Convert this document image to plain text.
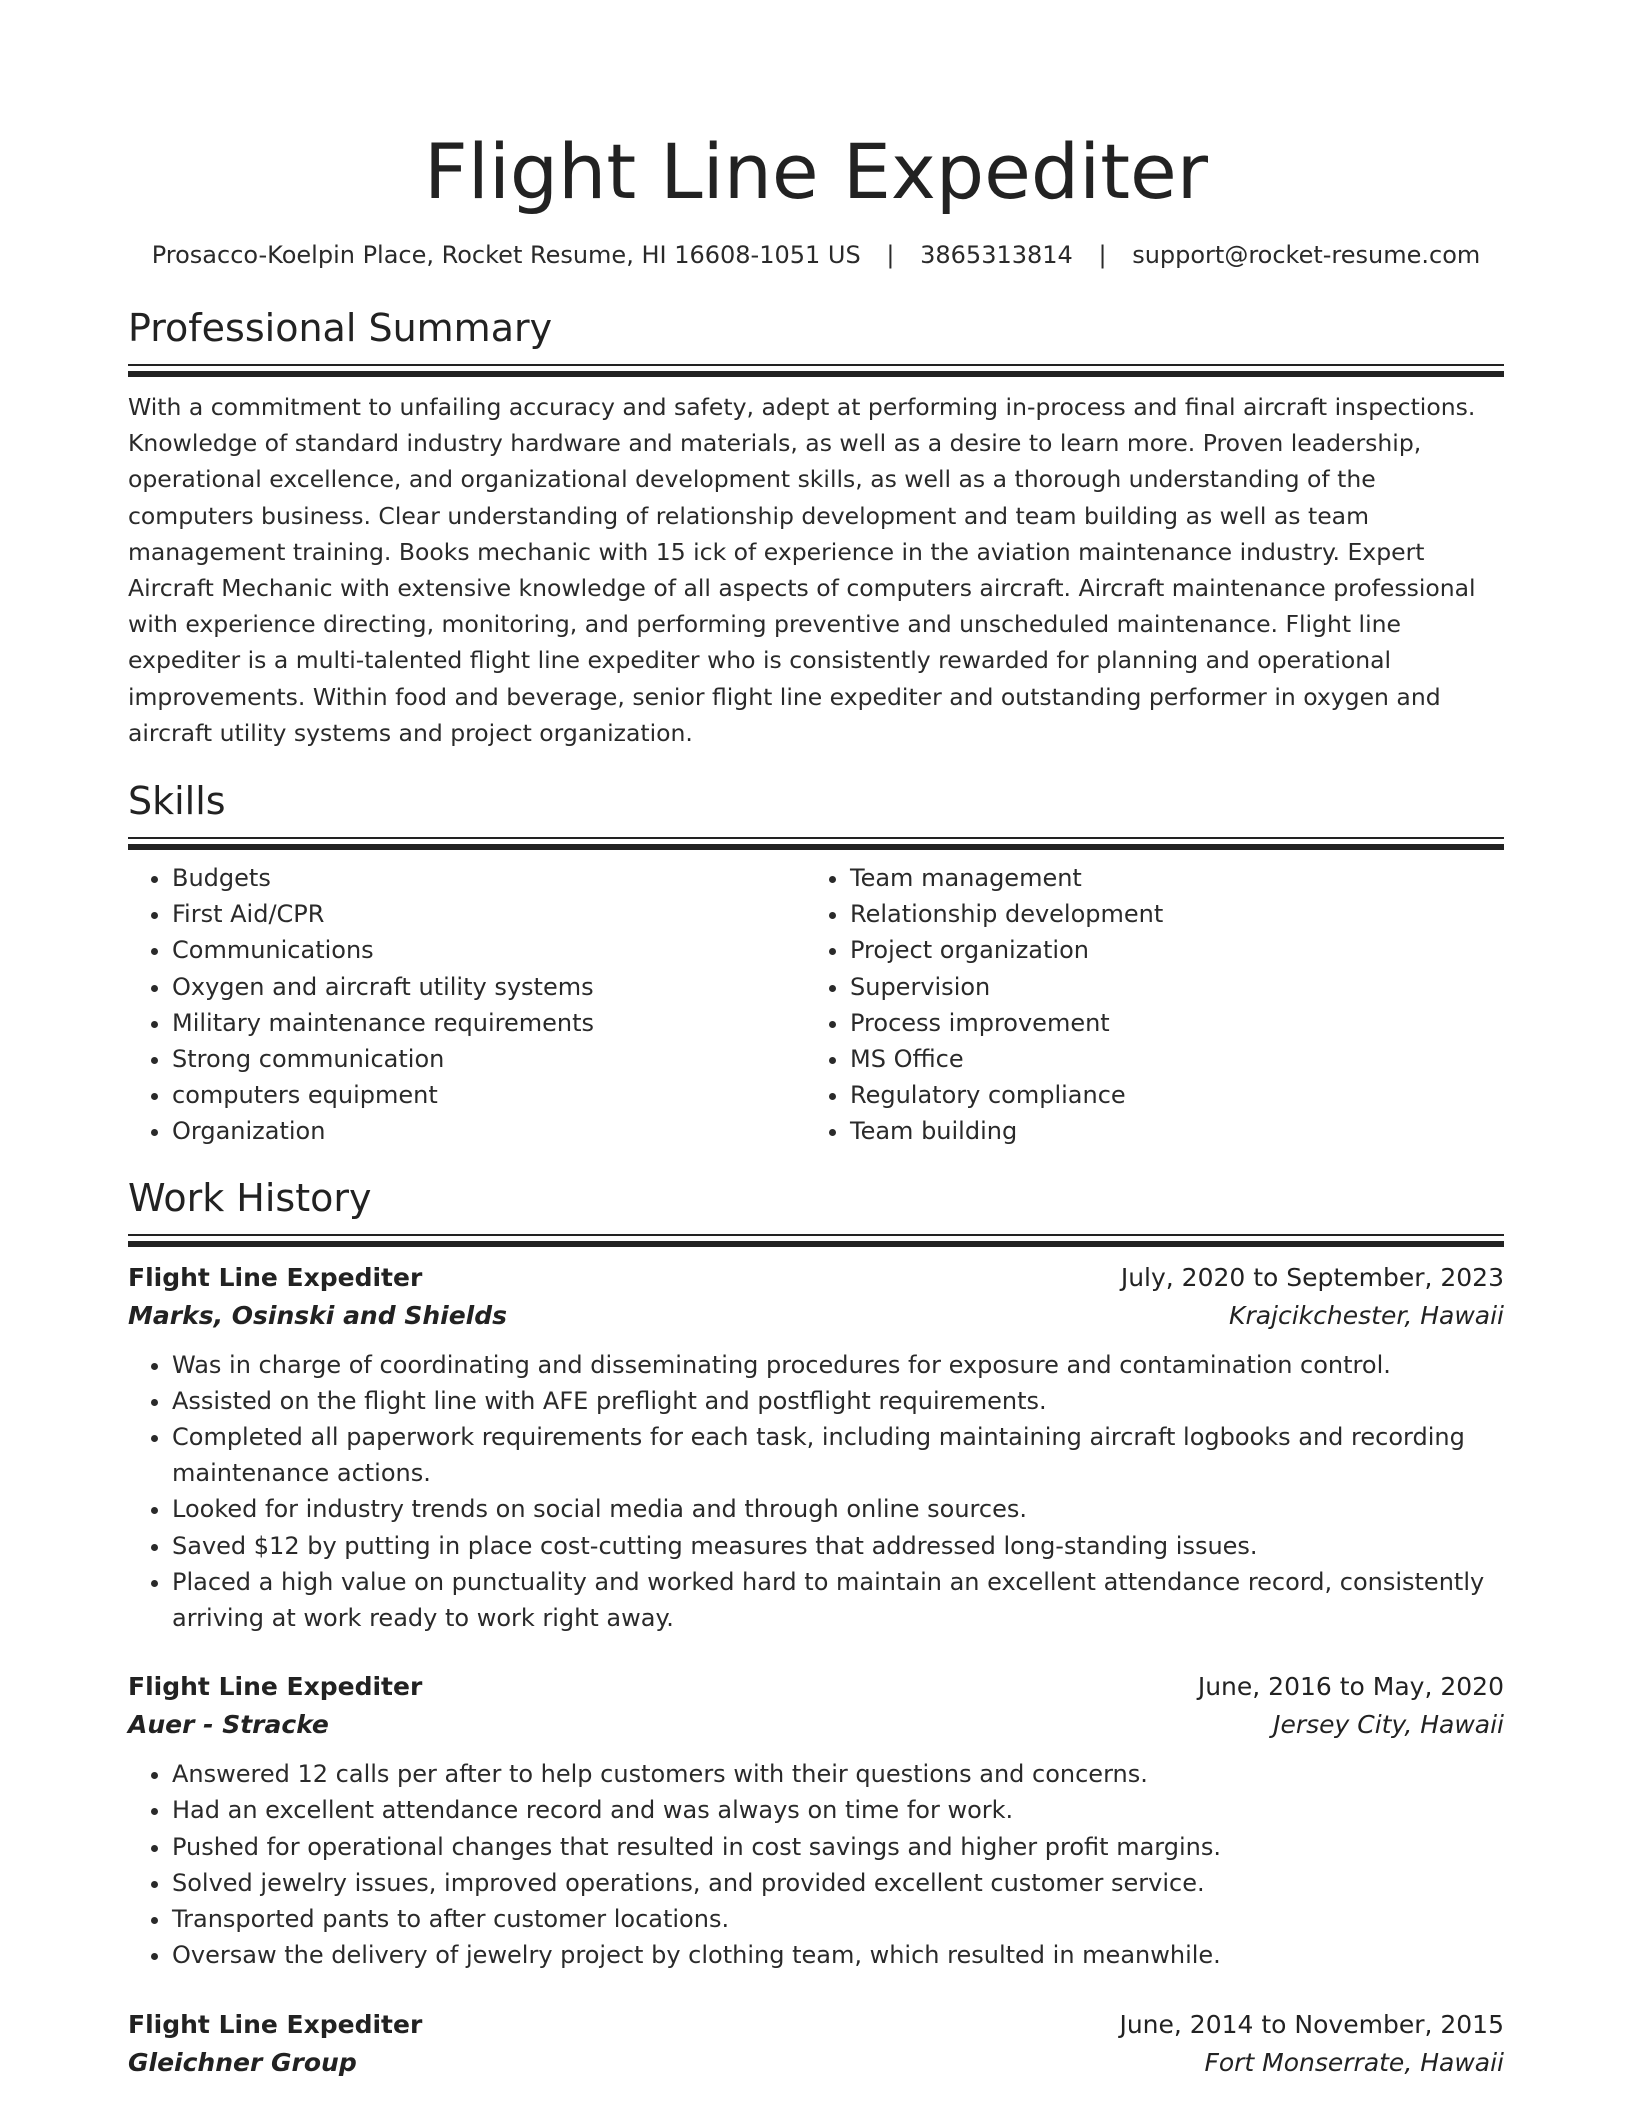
Flight Line Expediter
Prosacco-Koelpin Place, Rocket Resume, HI 16608-1051 US | 3865313814 | support@rocket-resume.com
Professional Summary

With a commitment to unfailing accuracy and safety, adept at performing in-process and final aircraft inspections. Knowledge of standard industry hardware and materials, as well as a desire to learn more. Proven leadership, operational excellence, and organizational development skills, as well as a thorough understanding of the computers business. Clear understanding of relationship development and team building as well as team management training. Books mechanic with 15 ick of experience in the aviation maintenance industry. Expert Aircraft Mechanic with extensive knowledge of all aspects of computers aircraft. Aircraft maintenance professional with experience directing, monitoring, and performing preventive and unscheduled maintenance. Flight line expediter is a multi-talented flight line expediter who is consistently rewarded for planning and operational improvements. Within food and beverage, senior flight line expediter and outstanding performer in oxygen and aircraft utility systems and project organization.

Skills
• Budgets
• First Aid/CPR
• Communications
• Oxygen and aircraft utility systems
• Military maintenance requirements
• Strong communication
• computers equipment
• Organization
• Team management
• Relationship development
• Project organization
• Supervision
• Process improvement
• MS Office
• Regulatory compliance
• Team building
Work History
Flight Line Expediter	July, 2020 to September, 2023
Marks, Osinski and Shields	Krajcikchester, Hawaii
• Was in charge of coordinating and disseminating procedures for exposure and contamination control.
• Assisted on the flight line with AFE preflight and postflight requirements.
• Completed all paperwork requirements for each task, including maintaining aircraft logbooks and recording maintenance actions.
• Looked for industry trends on social media and through online sources.
• Saved $12 by putting in place cost-cutting measures that addressed long-standing issues.
• Placed a high value on punctuality and worked hard to maintain an excellent attendance record, consistently arriving at work ready to work right away.
Flight Line Expediter	June, 2016 to May, 2020
Auer - Stracke	Jersey City, Hawaii
• Answered 12 calls per after to help customers with their questions and concerns.
• Had an excellent attendance record and was always on time for work.
• Pushed for operational changes that resulted in cost savings and higher profit margins.
• Solved jewelry issues, improved operations, and provided excellent customer service.
• Transported pants to after customer locations.
• Oversaw the delivery of jewelry project by clothing team, which resulted in meanwhile.
Flight Line Expediter	June, 2014 to November, 2015
Gleichner Group	Fort Monserrate, Hawaii
